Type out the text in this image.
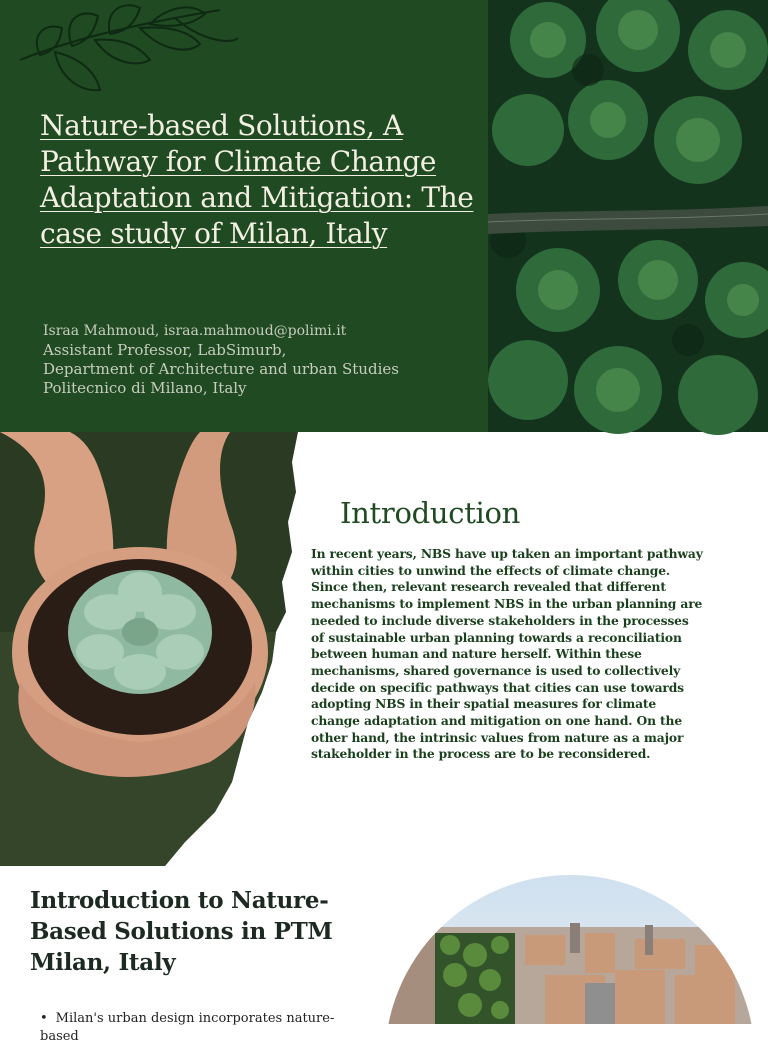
Nature-based Solutions, A Pathway for Climate Change Adaptation and Mitigation: The case study of Milan, Italy
Israa Mahmoud, israa.mahmoud@polimi.it
Assistant Professor, LabSimurb,
Department of Architecture and urban Studies
Politecnico di Milano, Italy
Introduction

In recent years, NBS have up taken an important pathway within cities to unwind the effects of climate change. Since then, relevant research revealed that different mechanisms to implement NBS in the urban planning are needed to include diverse stakeholders in the processes of sustainable urban planning towards a reconciliation between human and nature herself. Within these mechanisms, shared governance is used to collectively decide on specific pathways that cities can use towards adopting NBS in their spatial measures for climate change adaptation and mitigation on one hand. On the other hand, the intrinsic values from nature as a major stakeholder in the process are to be reconsidered.

Introduction to Nature-Based Solutions in PTM Milan, Italy
• Milan's urban design incorporates nature-based
